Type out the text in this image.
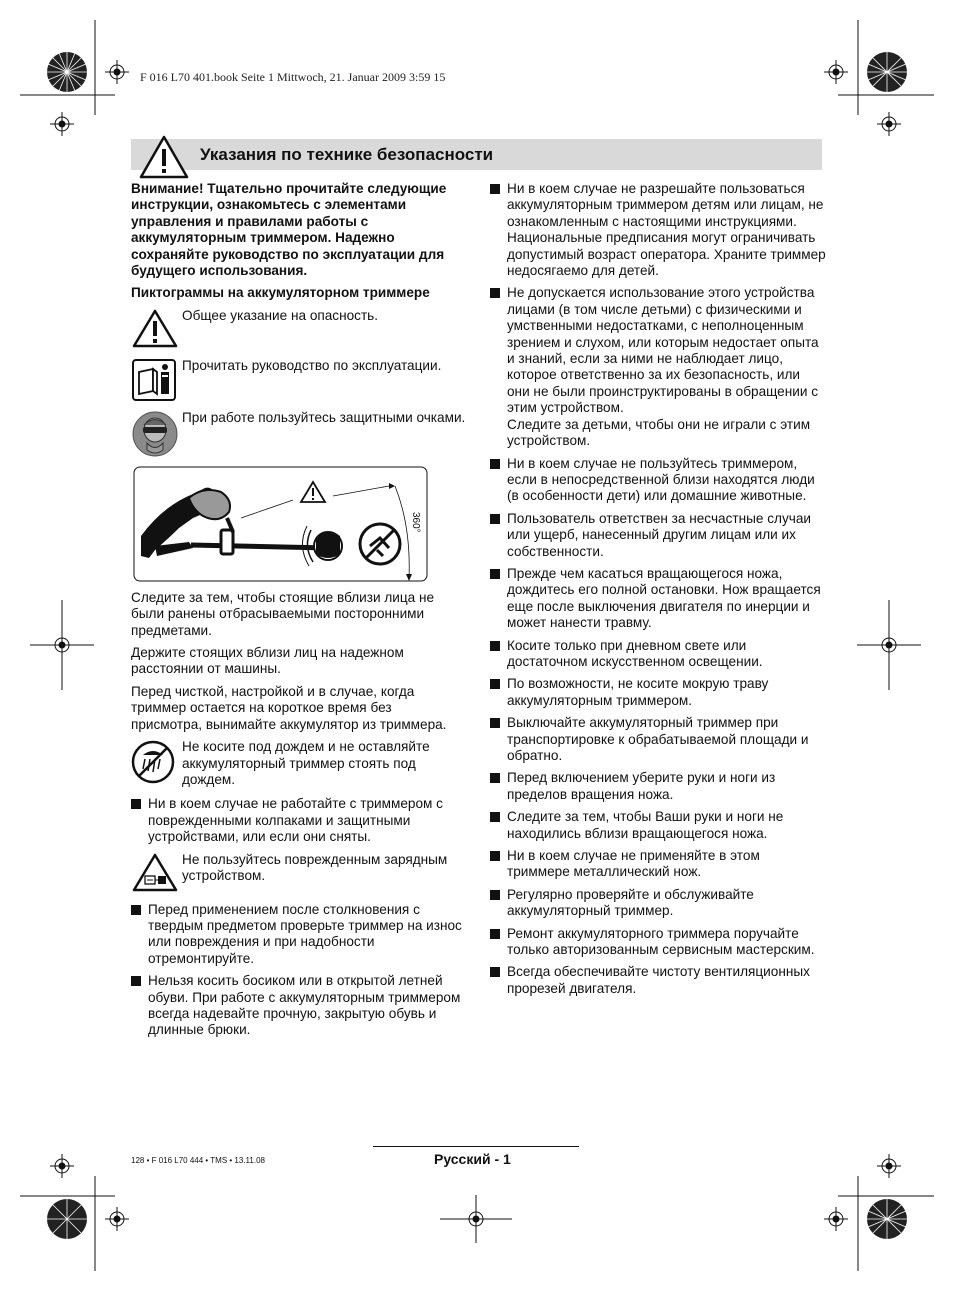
F 016 L70 401.book Seite 1 Mittwoch, 21. Januar 2009 3:59 15
Указания по технике безопасности

Внимание! Тщательно прочитайте следующие инструкции, ознакомьтесь с элементами управления и правилами работы с аккумуляторным триммером. Надежно сохраняйте руководство по эксплуатации для будущего использования.

Пиктограммы на аккумуляторном триммере

Общее указание на опасность.
Прочитать руководство по эксплуатации.
При работе пользуйтесь защитными очками.
360°

Следите за тем, чтобы стоящие вблизи лица не были ранены отбрасываемыми посторонними предметами.

Держите стоящих вблизи лиц на надежном расстоянии от машины.

Перед чисткой, настройкой и в случае, когда триммер остается на короткое время без присмотра, вынимайте аккумулятор из триммера.

Не косите под дождем и не оставляйте аккумуляторный триммер стоять под дождем.
Ни в коем случае не работайте с триммером с поврежденными колпаками и защитными устройствами, или если они сняты.
Не пользуйтесь поврежденным зарядным устройством.
Перед применением после столкновения с твердым предметом проверьте триммер на износ или повреждения и при надобности отремонтируйте.
Нельзя косить босиком или в открытой летней обуви. При работе с аккумуляторным триммером всегда надевайте прочную, закрытую обувь и длинные брюки.
Ни в коем случае не разрешайте пользоваться аккумуляторным триммером детям или лицам, не ознакомленным с настоящими инструкциями. Национальные предписания могут ограничивать допустимый возраст оператора. Храните триммер недосягаемо для детей.
Не допускается использование этого устройства лицами (в том числе детьми) с физическими и умственными недостатками, с неполноценным зрением и слухом, или которым недостает опыта и знаний, если за ними не наблюдает лицо, которое ответственно за их безопасность, или они не были проинструктированы в обращении с этим устройством.
Следите за детьми, чтобы они не играли с этим устройством.
Ни в коем случае не пользуйтесь триммером, если в непосредственной близи находятся люди (в особенности дети) или домашние животные.
Пользователь ответствен за несчастные случаи или ущерб, нанесенный другим лицам или их собственности.
Прежде чем касаться вращающегося ножа, дождитесь его полной остановки. Нож вращается еще после выключения двигателя по инерции и может нанести травму.
Косите только при дневном свете или достаточном искусственном освещении.
По возможности, не косите мокрую траву аккумуляторным триммером.
Выключайте аккумуляторный триммер при транспортировке к обрабатываемой площади и обратно.
Перед включением уберите руки и ноги из пределов вращения ножа.
Следите за тем, чтобы Ваши руки и ноги не находились вблизи вращающегося ножа.
Ни в коем случае не применяйте в этом триммере металлический нож.
Регулярно проверяйте и обслуживайте аккумуляторный триммер.
Ремонт аккумуляторного триммера поручайте только авторизованным сервисным мастерским.
Всегда обеспечивайте чистоту вентиляционных прорезей двигателя.
128 • F 016 L70 444 • TMS • 13.11.08	Русский - 1
